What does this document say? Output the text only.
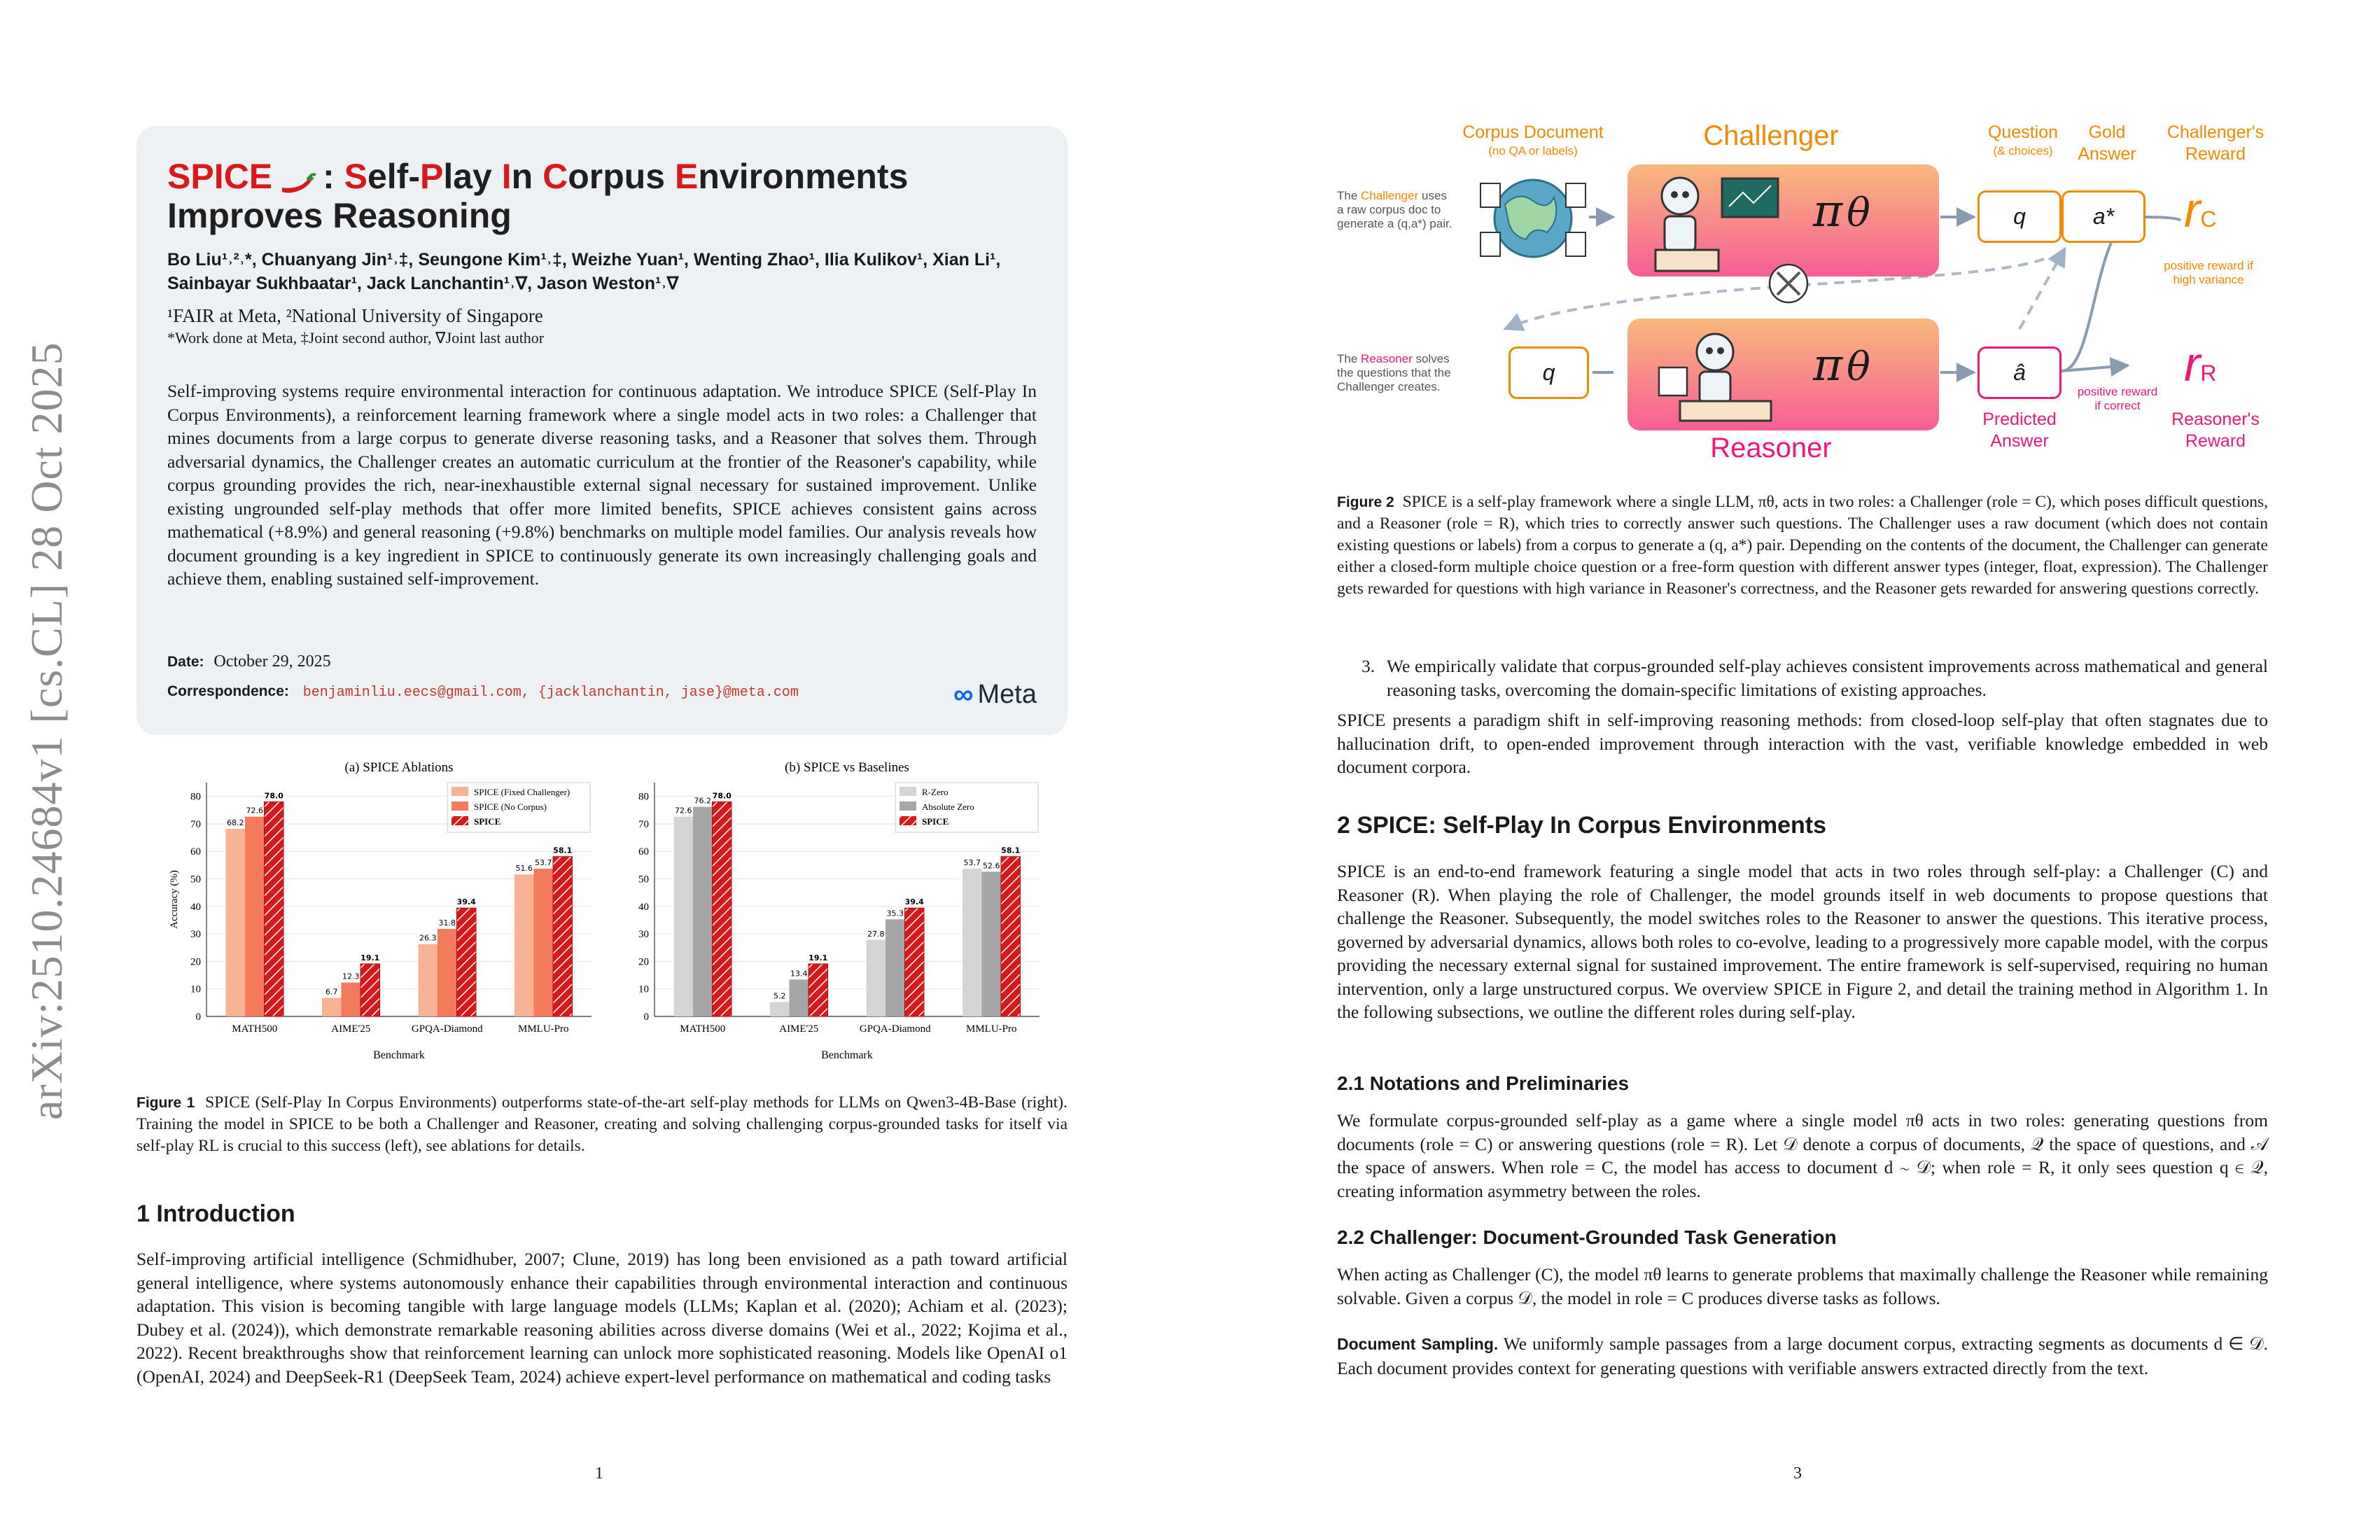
arXiv:2510.24684v1 [cs.CL] 28 Oct 2025
SPICE : Self-Play In Corpus Environments
Improves Reasoning
Bo Liu¹˒²˒*, Chuanyang Jin¹˒‡, Seungone Kim¹˒‡, Weizhe Yuan¹, Wenting Zhao¹, Ilia Kulikov¹, Xian Li¹,
Sainbayar Sukhbaatar¹, Jack Lanchantin¹˒∇, Jason Weston¹˒∇
¹FAIR at Meta, ²National University of Singapore
*Work done at Meta, ‡Joint second author, ∇Joint last author
Self-improving systems require environmental interaction for continuous adaptation. We introduce SPICE (Self-Play In Corpus Environments), a reinforcement learning framework where a single model acts in two roles: a Challenger that mines documents from a large corpus to generate diverse reasoning tasks, and a Reasoner that solves them. Through adversarial dynamics, the Challenger creates an automatic curriculum at the frontier of the Reasoner's capability, while corpus grounding provides the rich, near-inexhaustible external signal necessary for sustained improvement. Unlike existing ungrounded self-play methods that offer more limited benefits, SPICE achieves consistent gains across mathematical (+8.9%) and general reasoning (+9.8%) benchmarks on multiple model families. Our analysis reveals how document grounding is a key ingredient in SPICE to continuously generate its own increasingly challenging goals and achieve them, enabling sustained self-improvement.
Date: October 29, 2025
Correspondence: benjaminliu.eecs@gmail.com, {jacklanchantin, jase}@meta.com	∞ Meta
(a) SPICE Ablations
0
10
20
30
40
50
60
70
80
Accuracy (%)
Benchmark
MATH500
68.2
72.6
78.0
AIME'25
6.7
12.3
19.1
GPQA-Diamond
26.3
31.8
39.4
MMLU-Pro
51.6
53.7
58.1
SPICE (Fixed Challenger)
SPICE (No Corpus)
SPICE
(b) SPICE vs Baselines
0
10
20
30
40
50
60
70
80
Benchmark
MATH500
72.6
76.2
78.0
AIME'25
5.2
13.4
19.1
GPQA-Diamond
27.8
35.3
39.4
MMLU-Pro
53.7 52.6
58.1
R-Zero
Absolute Zero
SPICE
Figure 1 SPICE (Self-Play In Corpus Environments) outperforms state-of-the-art self-play methods for LLMs on Qwen3-4B-Base (right). Training the model in SPICE to be both a Challenger and Reasoner, creating and solving challenging corpus-grounded tasks for itself via self-play RL is crucial to this success (left), see ablations for details.
1 Introduction
Self-improving artificial intelligence (Schmidhuber, 2007; Clune, 2019) has long been envisioned as a path toward artificial general intelligence, where systems autonomously enhance their capabilities through environmental interaction and continuous adaptation. This vision is becoming tangible with large language models (LLMs; Kaplan et al. (2020); Achiam et al. (2023); Dubey et al. (2024)), which demonstrate remarkable reasoning abilities across diverse domains (Wei et al., 2022; Kojima et al., 2022). Recent breakthroughs show that reinforcement learning can unlock more sophisticated reasoning. Models like OpenAI o1 (OpenAI, 2024) and DeepSeek-R1 (DeepSeek Team, 2024) achieve expert-level performance on mathematical and coding tasks
1
Corpus Document
(no QA or labels)	Challenger
π θ
The Challenger uses
a raw corpus doc to
generate a (q,a*) pair.
π θ
Reasoner
The Reasoner solves
the questions that the
Challenger creates.
q
Question
(& choices)
Gold
Answer
q	a*
â
Predicted
Answer
Challenger's
Reward
rC
positive reward if
high variance
rR
positive reward
if correct
Reasoner's
Reward
Figure 2 SPICE is a self-play framework where a single LLM, πθ, acts in two roles: a Challenger (role = C), which poses difficult questions, and a Reasoner (role = R), which tries to correctly answer such questions. The Challenger uses a raw document (which does not contain existing questions or labels) from a corpus to generate a (q, a*) pair. Depending on the contents of the document, the Challenger can generate either a closed-form multiple choice question or a free-form question with different answer types (integer, float, expression). The Challenger gets rewarded for questions with high variance in Reasoner's correctness, and the Reasoner gets rewarded for answering questions correctly.
3. We empirically validate that corpus-grounded self-play achieves consistent improvements across mathematical and general reasoning tasks, overcoming the domain-specific limitations of existing approaches.
SPICE presents a paradigm shift in self-improving reasoning methods: from closed-loop self-play that often stagnates due to hallucination drift, to open-ended improvement through interaction with the vast, verifiable knowledge embedded in web document corpora.
2 SPICE: Self-Play In Corpus Environments
SPICE is an end-to-end framework featuring a single model that acts in two roles through self-play: a Challenger (C) and Reasoner (R). When playing the role of Challenger, the model grounds itself in web documents to propose questions that challenge the Reasoner. Subsequently, the model switches roles to the Reasoner to answer the questions. This iterative process, governed by adversarial dynamics, allows both roles to co-evolve, leading to a progressively more capable model, with the corpus providing the necessary external signal for sustained improvement. The entire framework is self-supervised, requiring no human intervention, only a large unstructured corpus. We overview SPICE in Figure 2, and detail the training method in Algorithm 1. In the following subsections, we outline the different roles during self-play.
2.1 Notations and Preliminaries
We formulate corpus-grounded self-play as a game where a single model πθ acts in two roles: generating questions from documents (role = C) or answering questions (role = R). Let 𝒟 denote a corpus of documents, 𝒬 the space of questions, and 𝒜 the space of answers. When role = C, the model has access to document d ∼ 𝒟; when role = R, it only sees question q ∈ 𝒬, creating information asymmetry between the roles.
2.2 Challenger: Document-Grounded Task Generation
When acting as Challenger (C), the model πθ learns to generate problems that maximally challenge the Reasoner while remaining solvable. Given a corpus 𝒟, the model in role = C produces diverse tasks as follows.
Document Sampling. We uniformly sample passages from a large document corpus, extracting segments as documents d ∈ 𝒟. Each document provides context for generating questions with verifiable answers extracted directly from the text.
3
